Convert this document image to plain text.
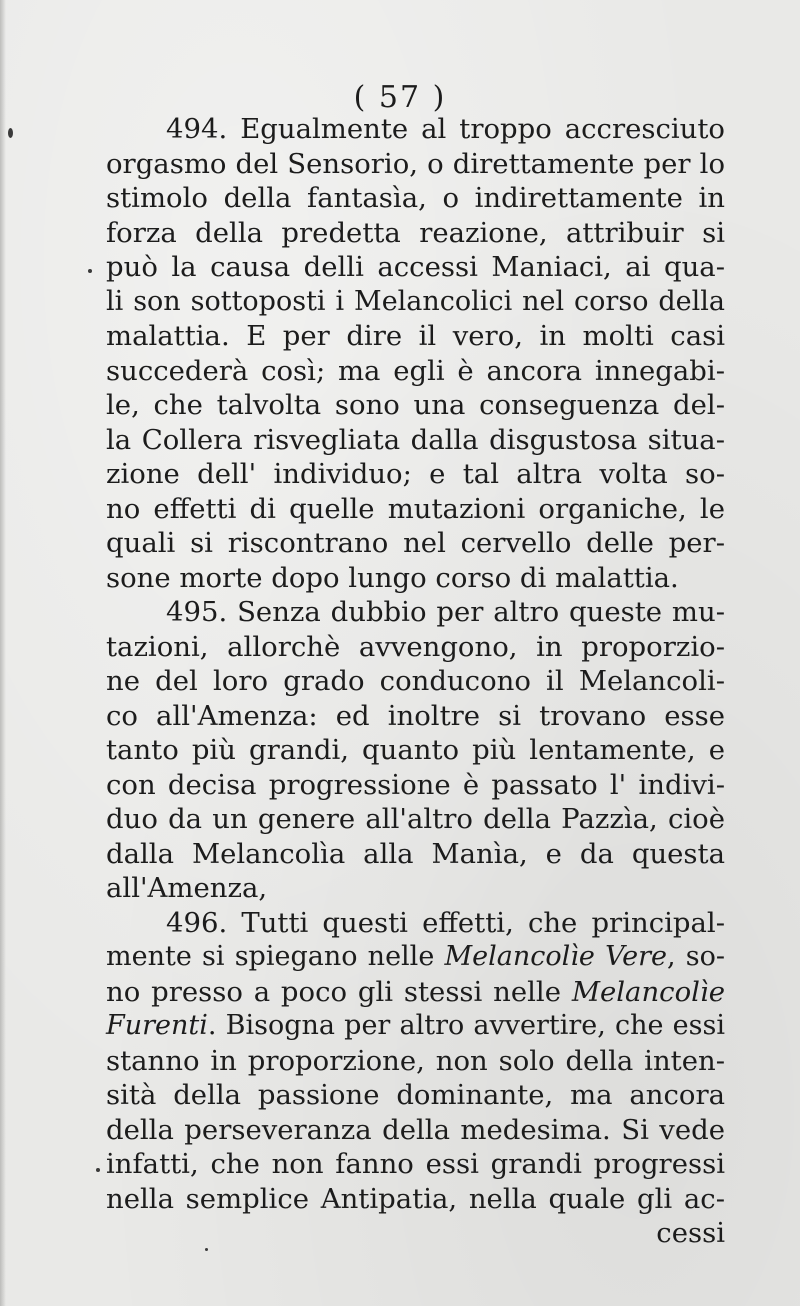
( 57 )
494. Egualmente al troppo accresciuto
orgasmo del Sensorio, o direttamente per lo
stimolo della fantasìa, o indirettamente in
forza della predetta reazione, attribuir si
può la causa delli accessi Maniaci, ai qua-
li son sottoposti i Melancolici nel corso della
malattia. E per dire il vero, in molti casi
succederà così; ma egli è ancora innegabi-
le, che talvolta sono una conseguenza del-
la Collera risvegliata dalla disgustosa situa-
zione dell' individuo; e tal altra volta so-
no effetti di quelle mutazioni organiche, le
quali si riscontrano nel cervello delle per-
sone morte dopo lungo corso di malattia.
495. Senza dubbio per altro queste mu-
tazioni, allorchè avvengono, in proporzio-
ne del loro grado conducono il Melancoli-
co all'Amenza: ed inoltre si trovano esse
tanto più grandi, quanto più lentamente, e
con decisa progressione è passato l' indivi-
duo da un genere all'altro della Pazzìa, cioè
dalla Melancolìa alla Manìa, e da questa
all'Amenza,
496. Tutti questi effetti, che principal-
mente si spiegano nelle Melancolìe Vere, so-
no presso a poco gli stessi nelle Melancolìe
Furenti. Bisogna per altro avvertire, che essi
stanno in proporzione, non solo della inten-
sità della passione dominante, ma ancora
della perseveranza della medesima. Si vede
infatti, che non fanno essi grandi progressi
nella semplice Antipatia, nella quale gli ac-
cessi
